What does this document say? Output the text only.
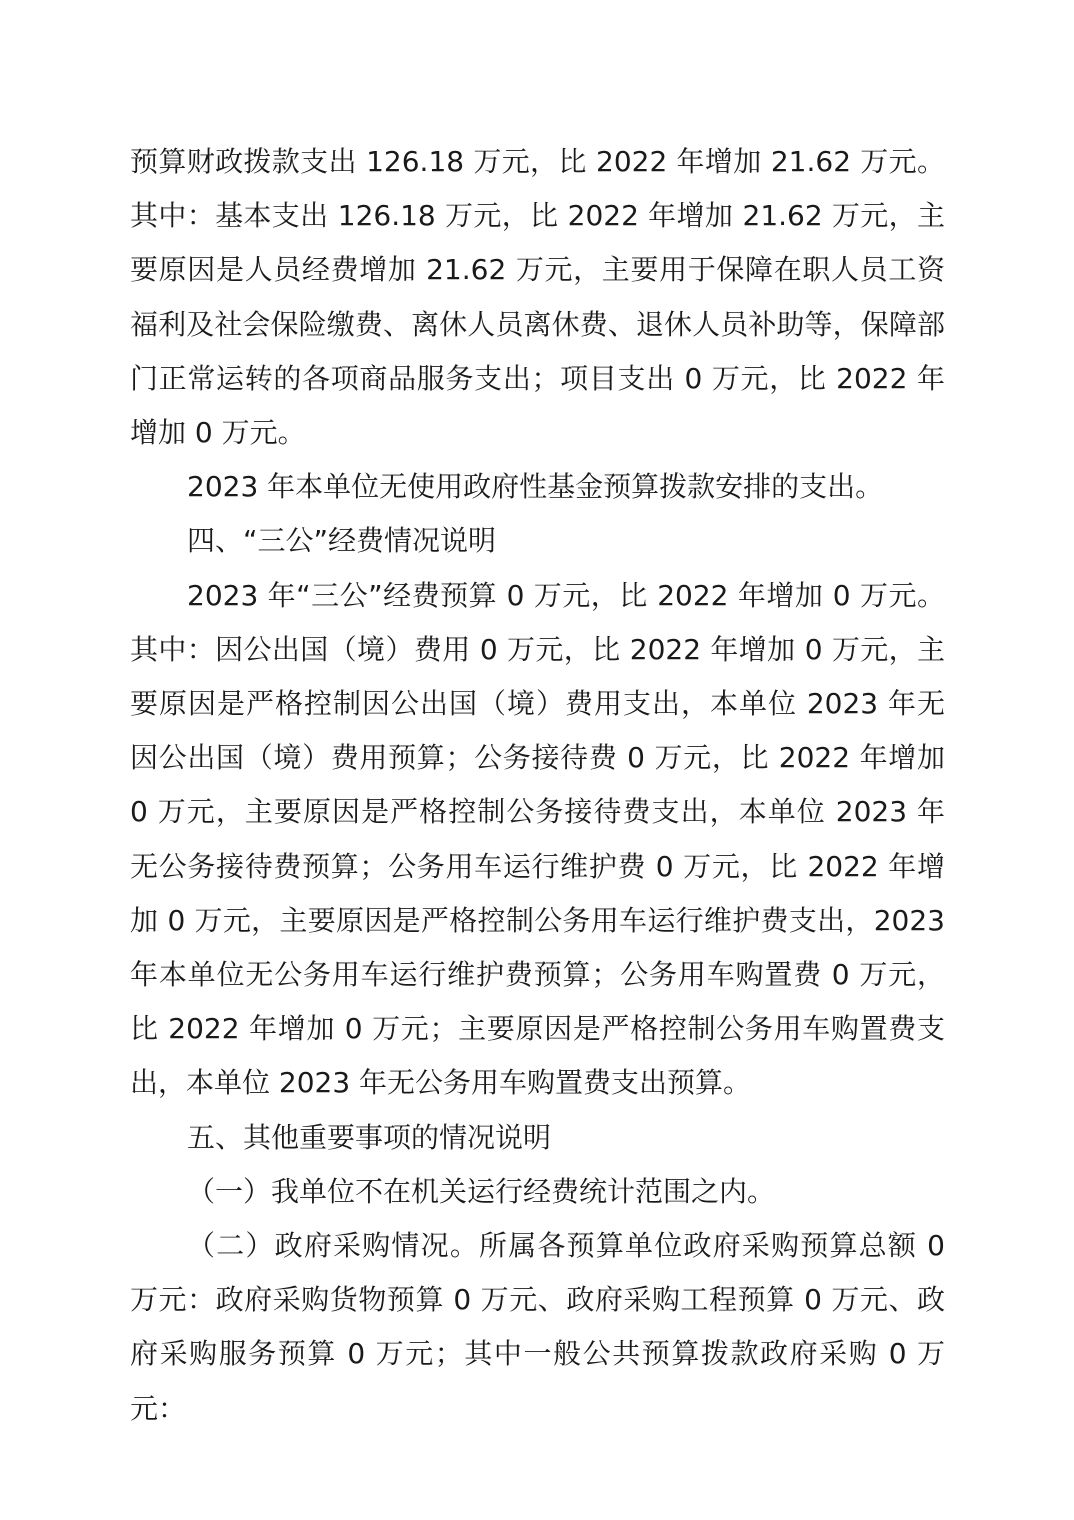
预算财政拨款支出 126.18 万元，比 2022 年增加 21.62 万元。其中：基本支出 126.18 万元，比 2022 年增加 21.62 万元，主要原因是人员经费增加 21.62 万元，主要用于保障在职人员工资福利及社会保险缴费、离休人员离休费、退休人员补助等，保障部门正常运转的各项商品服务支出；项目支出 0 万元，比 2022 年增加 0 万元。

2023 年本单位无使用政府性基金预算拨款安排的支出。

四、“三公”经费情况说明

2023 年“三公”经费预算 0 万元，比 2022 年增加 0 万元。其中：因公出国（境）费用 0 万元，比 2022 年增加 0 万元，主要原因是严格控制因公出国（境）费用支出，本单位 2023 年无因公出国（境）费用预算；公务接待费 0 万元，比 2022 年增加 0 万元，主要原因是严格控制公务接待费支出，本单位 2023 年无公务接待费预算；公务用车运行维护费 0 万元，比 2022 年增加 0 万元，主要原因是严格控制公务用车运行维护费支出，2023 年本单位无公务用车运行维护费预算；公务用车购置费 0 万元，比 2022 年增加 0 万元；主要原因是严格控制公务用车购置费支出，本单位 2023 年无公务用车购置费支出预算。

五、其他重要事项的情况说明

（一）我单位不在机关运行经费统计范围之内。

（二）政府采购情况。所属各预算单位政府采购预算总额 0 万元：政府采购货物预算 0 万元、政府采购工程预算 0 万元、政府采购服务预算 0 万元；其中一般公共预算拨款政府采购 0 万元：
